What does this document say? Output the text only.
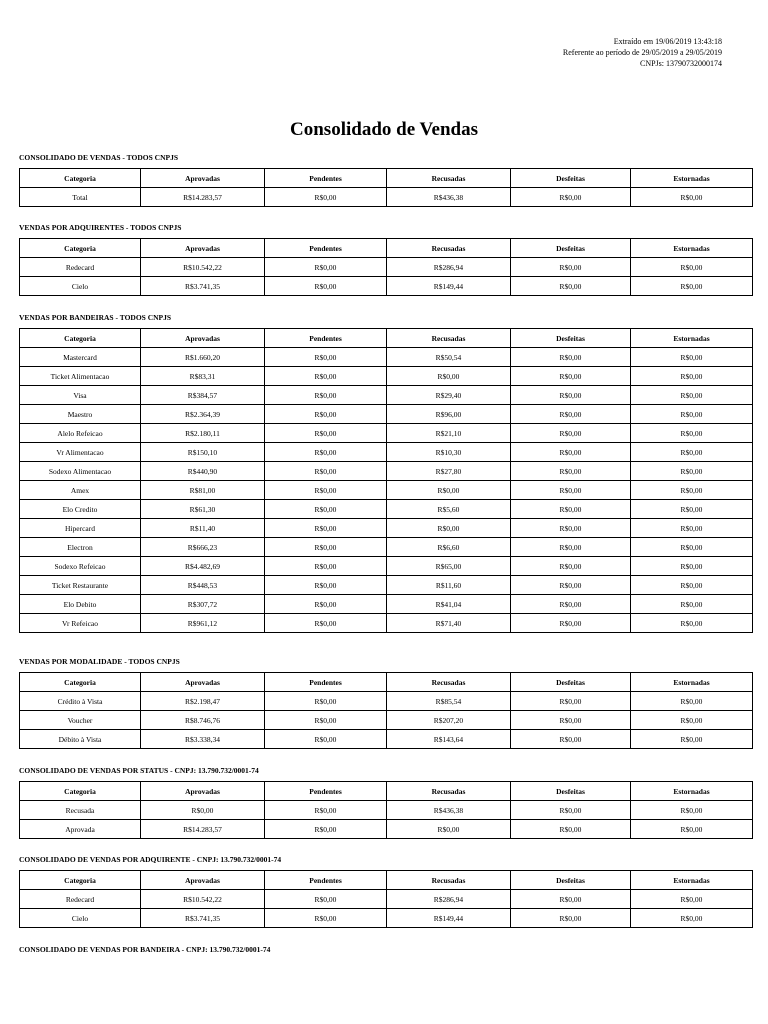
Extraído em 19/06/2019 13:43:18
Referente ao período de 29/05/2019 a 29/05/2019
CNPJs: 13790732000174
Consolidado de Vendas
CONSOLIDADO DE VENDAS - TODOS CNPJS
Categoria	Aprovadas	Pendentes	Recusadas	Desfeitas	Estornadas
Total	R$14.283,57	R$0,00	R$436,38	R$0,00	R$0,00
VENDAS POR ADQUIRENTES - TODOS CNPJS
Categoria	Aprovadas	Pendentes	Recusadas	Desfeitas	Estornadas
Redecard	R$10.542,22	R$0,00	R$286,94	R$0,00	R$0,00
Cielo	R$3.741,35	R$0,00	R$149,44	R$0,00	R$0,00
VENDAS POR BANDEIRAS - TODOS CNPJS
Categoria	Aprovadas	Pendentes	Recusadas	Desfeitas	Estornadas
Mastercard	R$1.660,20	R$0,00	R$50,54	R$0,00	R$0,00
Ticket Alimentacao	R$83,31	R$0,00	R$0,00	R$0,00	R$0,00
Visa	R$384,57	R$0,00	R$29,40	R$0,00	R$0,00
Maestro	R$2.364,39	R$0,00	R$96,00	R$0,00	R$0,00
Alelo Refeicao	R$2.180,11	R$0,00	R$21,10	R$0,00	R$0,00
Vr Alimentacao	R$150,10	R$0,00	R$10,30	R$0,00	R$0,00
Sodexo Alimentacao	R$440,90	R$0,00	R$27,80	R$0,00	R$0,00
Amex	R$81,00	R$0,00	R$0,00	R$0,00	R$0,00
Elo Credito	R$61,30	R$0,00	R$5,60	R$0,00	R$0,00
Hipercard	R$11,40	R$0,00	R$0,00	R$0,00	R$0,00
Electron	R$666,23	R$0,00	R$6,60	R$0,00	R$0,00
Sodexo Refeicao	R$4.482,69	R$0,00	R$65,00	R$0,00	R$0,00
Ticket Restaurante	R$448,53	R$0,00	R$11,60	R$0,00	R$0,00
Elo Debito	R$307,72	R$0,00	R$41,04	R$0,00	R$0,00
Vr Refeicao	R$961,12	R$0,00	R$71,40	R$0,00	R$0,00
VENDAS POR MODALIDADE - TODOS CNPJS
Categoria	Aprovadas	Pendentes	Recusadas	Desfeitas	Estornadas
Crédito à Vista	R$2.198,47	R$0,00	R$85,54	R$0,00	R$0,00
Voucher	R$8.746,76	R$0,00	R$207,20	R$0,00	R$0,00
Débito à Vista	R$3.338,34	R$0,00	R$143,64	R$0,00	R$0,00
CONSOLIDADO DE VENDAS POR STATUS - CNPJ: 13.790.732/0001-74
Categoria	Aprovadas	Pendentes	Recusadas	Desfeitas	Estornadas
Recusada	R$0,00	R$0,00	R$436,38	R$0,00	R$0,00
Aprovada	R$14.283,57	R$0,00	R$0,00	R$0,00	R$0,00
CONSOLIDADO DE VENDAS POR ADQUIRENTE - CNPJ: 13.790.732/0001-74
Categoria	Aprovadas	Pendentes	Recusadas	Desfeitas	Estornadas
Redecard	R$10.542,22	R$0,00	R$286,94	R$0,00	R$0,00
Cielo	R$3.741,35	R$0,00	R$149,44	R$0,00	R$0,00
CONSOLIDADO DE VENDAS POR BANDEIRA - CNPJ: 13.790.732/0001-74
